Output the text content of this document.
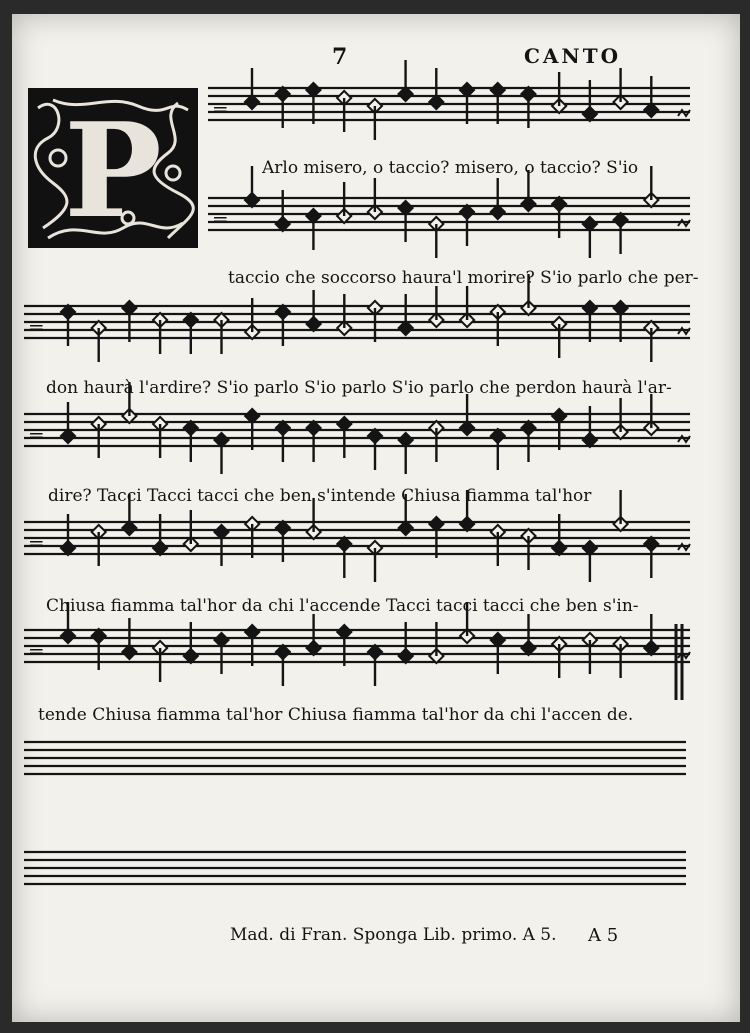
7	CANTO
P	≡
≡
≡
≡
≡
≡
Arlo misero, o taccio? misero, o taccio? S'io
taccio che soccorso haura'l morire? S'io parlo che per-
don haurà l'ardire? S'io parlo S'io parlo S'io parlo che perdon haurà l'ar-
dire? Tacci Tacci tacci che ben s'intende Chiusa fiamma tal'hor
Chiusa fiamma tal'hor da chi l'accende Tacci tacci tacci che ben s'in-
tende Chiusa fiamma tal'hor Chiusa fiamma tal'hor da chi l'accen de.
Mad. di Fran. Sponga Lib. primo. A 5. A 5
